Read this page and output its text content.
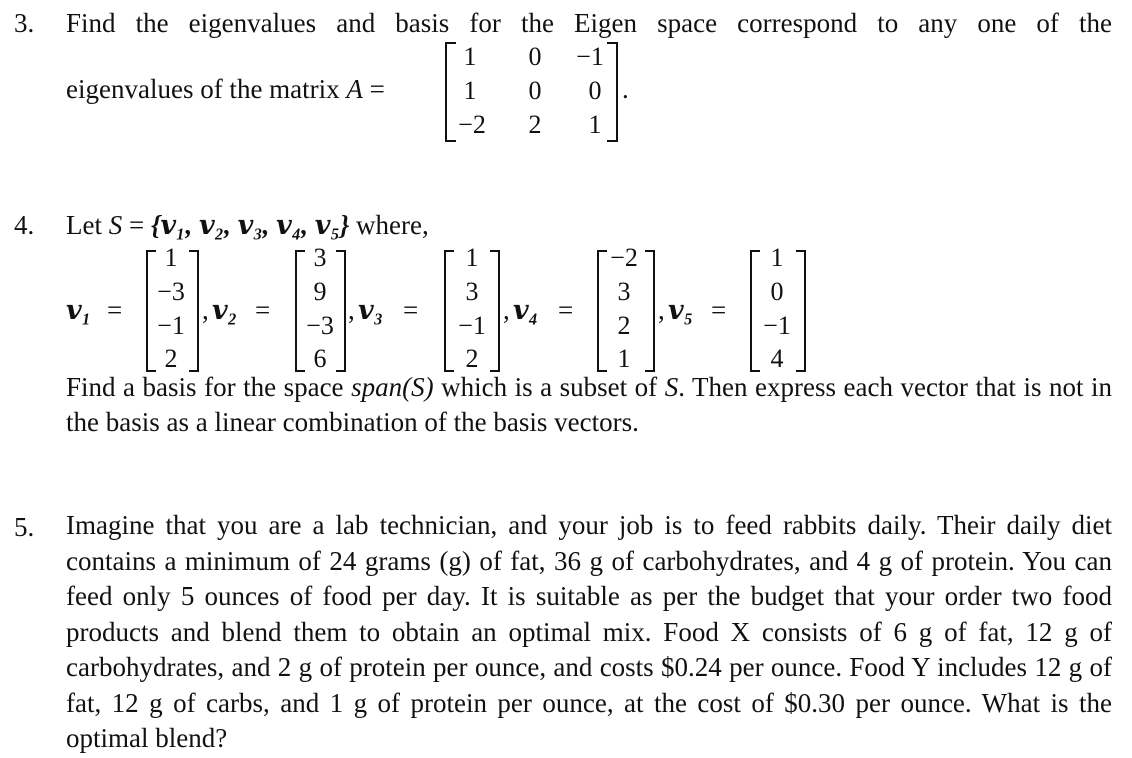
3. Find the eigenvalues and basis for the Eigen space correspond to any one of the
eigenvalues of the matrix A =
1	0	−1
1	0	0
−2	2	1
.
4. Let S = {𝒗₁, 𝒗₂, 𝒗₃, 𝒗₄, 𝒗₅} where,
𝒗₁ =
1
−3
−1
2
, 𝒗₂ =
3
9
−3
6
, 𝒗₃ =
1
3
−1
2
, 𝒗₄ =
−2
3
2
1
, 𝒗₅ =
1
0
−1
4
Find a basis for the space span(S) which is a subset of S. Then express each vector that is not in the basis as a linear combination of the basis vectors.
5. Imagine that you are a lab technician, and your job is to feed rabbits daily. Their daily diet contains a minimum of 24 grams (g) of fat, 36 g of carbohydrates, and 4 g of protein. You can feed only 5 ounces of food per day. It is suitable as per the budget that your order two food products and blend them to obtain an optimal mix. Food X consists of 6 g of fat, 12 g of carbohydrates, and 2 g of protein per ounce, and costs $0.24 per ounce. Food Y includes 12 g of fat, 12 g of carbs, and 1 g of protein per ounce, at the cost of $0.30 per ounce. What is the optimal blend?
